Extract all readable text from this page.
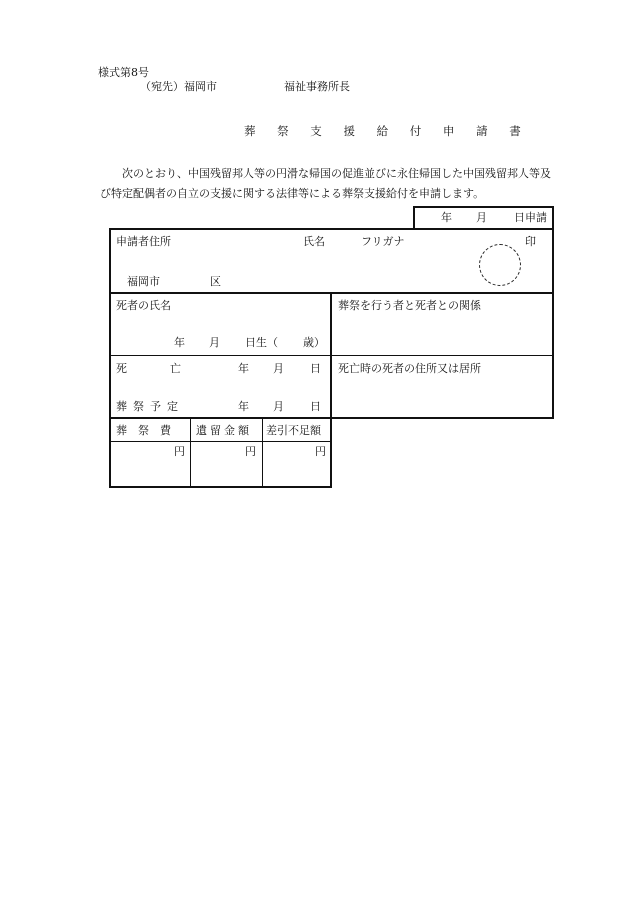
様式第8号
（宛先）福岡市	福祉事務所長
葬 祭 支 援 給 付 申 請 書
次のとおり、中国残留邦人等の円滑な帰国の促進並びに永住帰国した中国残留邦人等及び特定配偶者の自立の支援に関する法律等による葬祭支援給付を申請します。
年 月 日申請
申請者住所	氏名	フリガナ	印
福岡市	区
死者の氏名
年 月 日生（ 歳）
葬祭を行う者と死者との関係
死	亡	年 月 日
葬祭予定	年 月 日
死亡時の死者の住所又は居所
葬　祭　費 遺留金額 差引不足額
円	円	円
